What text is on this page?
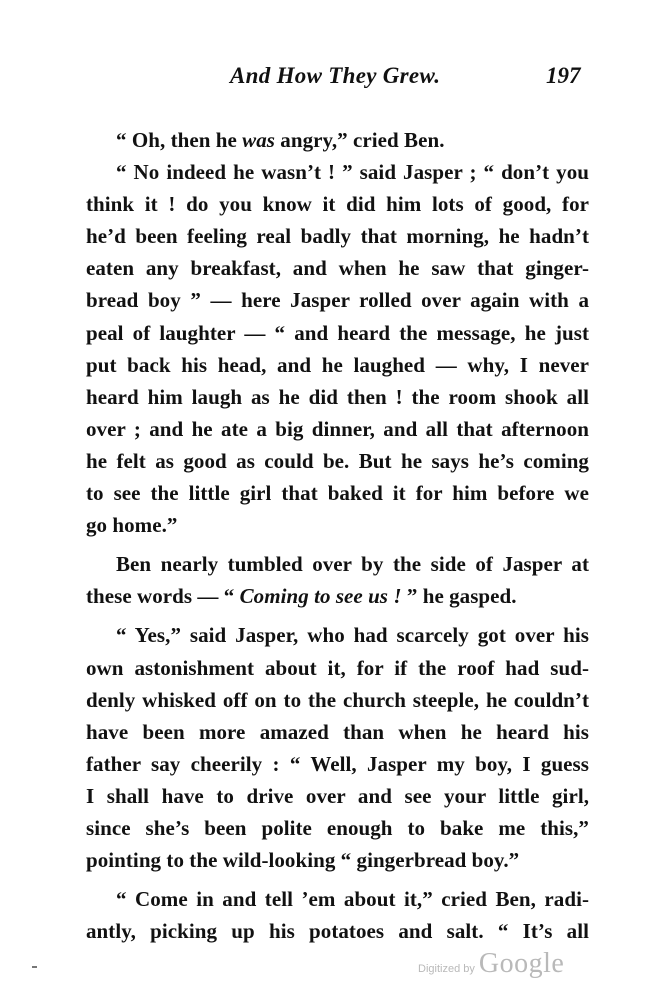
And How They Grew.	197
“ Oh, then he was angry,” cried Ben.
“ No indeed he wasn’t ! ” said Jasper ; “ don’t you
think it ! do you know it did him lots of good, for
he’d been feeling real badly that morning, he hadn’t
eaten any breakfast, and when he saw that ginger-
bread boy ” — here Jasper rolled over again with a
peal of laughter — “ and heard the message, he just
put back his head, and he laughed — why, I never
heard him laugh as he did then ! the room shook all
over ; and he ate a big dinner, and all that afternoon
he felt as good as could be. But he says he’s coming
to see the little girl that baked it for him before we
go home.”
Ben nearly tumbled over by the side of Jasper at
these words — “ Coming to see us ! ” he gasped.
“ Yes,” said Jasper, who had scarcely got over his
own astonishment about it, for if the roof had sud-
denly whisked off on to the church steeple, he couldn’t
have been more amazed than when he heard his
father say cheerily : “ Well, Jasper my boy, I guess
I shall have to drive over and see your little girl,
since she’s been polite enough to bake me this,”
pointing to the wild-looking “ gingerbread boy.”
“ Come in and tell ’em about it,” cried Ben, radi-
antly, picking up his potatoes and salt. “ It’s all
Digitized by Google
